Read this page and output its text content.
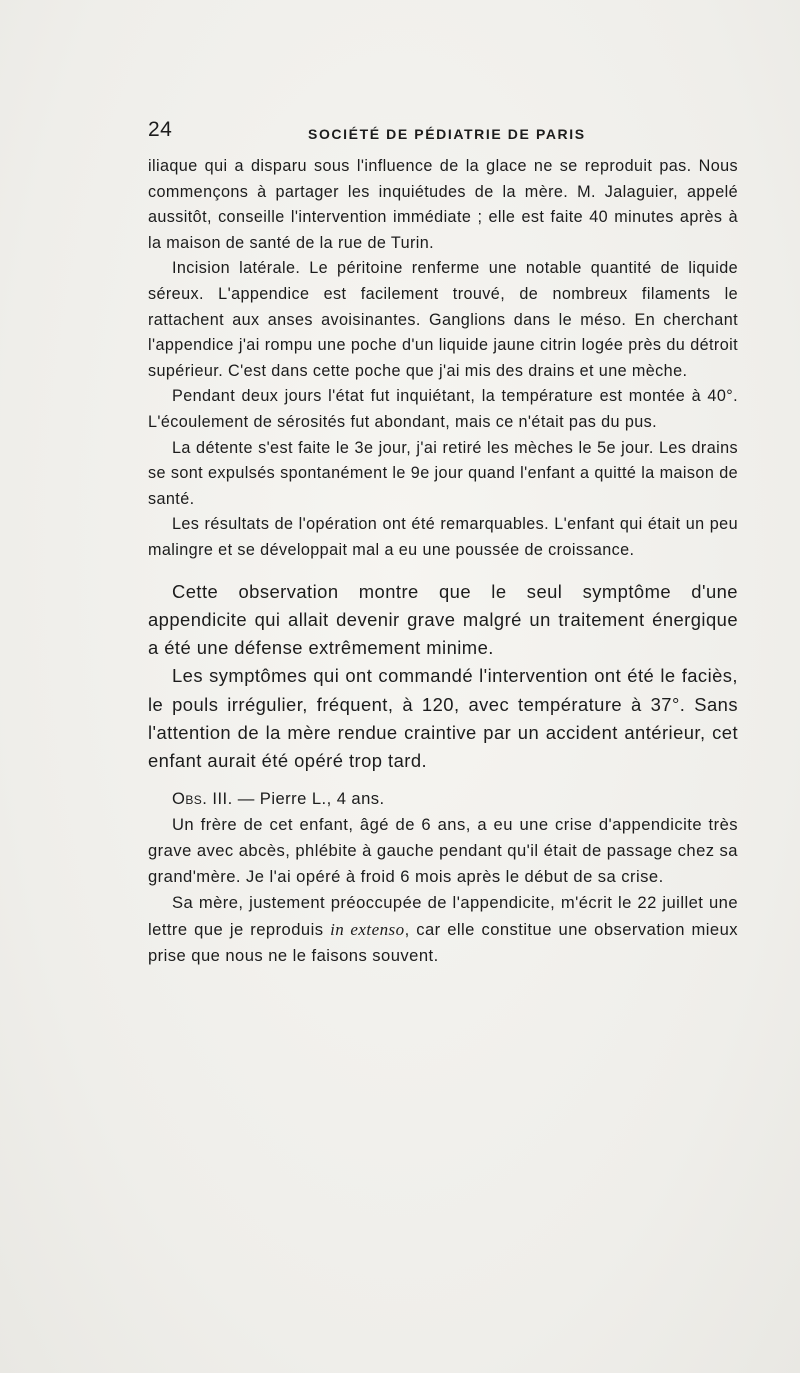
24	SOCIÉTÉ DE PÉDIATRIE DE PARIS

iliaque qui a disparu sous l'influence de la glace ne se reproduit pas. Nous commençons à partager les inquiétudes de la mère. M. Jalaguier, appelé aussitôt, conseille l'intervention immédiate ; elle est faite 40 minutes après à la maison de santé de la rue de Turin.

Incision latérale. Le péritoine renferme une notable quantité de liquide séreux. L'appendice est facilement trouvé, de nombreux filaments le rattachent aux anses avoisinantes. Ganglions dans le méso. En cherchant l'appendice j'ai rompu une poche d'un liquide jaune citrin logée près du détroit supérieur. C'est dans cette poche que j'ai mis des drains et une mèche.

Pendant deux jours l'état fut inquiétant, la température est montée à 40°. L'écoulement de sérosités fut abondant, mais ce n'était pas du pus.

La détente s'est faite le 3e jour, j'ai retiré les mèches le 5e jour. Les drains se sont expulsés spontanément le 9e jour quand l'enfant a quitté la maison de santé.

Les résultats de l'opération ont été remarquables. L'enfant qui était un peu malingre et se développait mal a eu une poussée de croissance.

Cette observation montre que le seul symptôme d'une appendicite qui allait devenir grave malgré un traitement énergique a été une défense extrêmement minime.

Les symptômes qui ont commandé l'intervention ont été le faciès, le pouls irrégulier, fréquent, à 120, avec température à 37°. Sans l'attention de la mère rendue craintive par un accident antérieur, cet enfant aurait été opéré trop tard.

Obs. III. — Pierre L., 4 ans.

Un frère de cet enfant, âgé de 6 ans, a eu une crise d'appendicite très grave avec abcès, phlébite à gauche pendant qu'il était de passage chez sa grand'mère. Je l'ai opéré à froid 6 mois après le début de sa crise.

Sa mère, justement préoccupée de l'appendicite, m'écrit le 22 juillet une lettre que je reproduis in extenso, car elle constitue une observation mieux prise que nous ne le faisons souvent.
